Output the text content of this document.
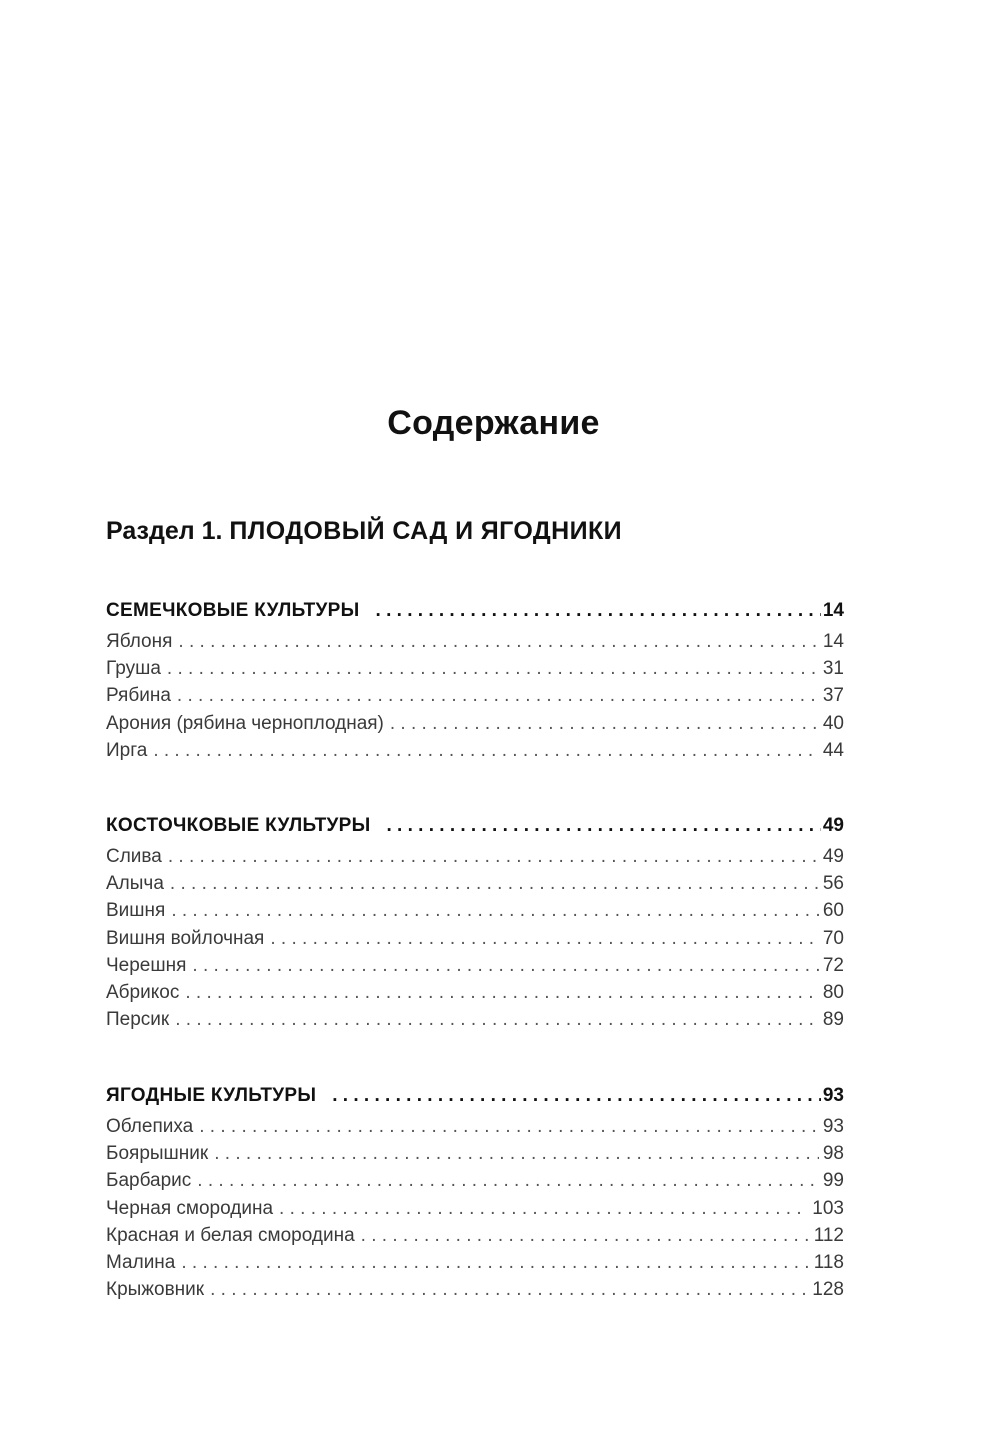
Содержание
Раздел 1. ПЛОДОВЫЙ САД И ЯГОДНИКИ
СЕМЕЧКОВЫЕ КУЛЬТУРЫ . . .	14
Яблоня . . .	14
Груша . . .	31
Рябина . . .	37
Арония (рябина черноплодная) . . .	40
Ирга . . .	44
КОСТОЧКОВЫЕ КУЛЬТУРЫ . . .	49
Слива . . .	49
Алыча . . .	56
Вишня . . .	60
Вишня войлочная . . .	70
Черешня . . .	72
Абрикос . . .	80
Персик . . .	89
ЯГОДНЫЕ КУЛЬТУРЫ . . .	93
Облепиха . . .	93
Боярышник . . .	98
Барбарис . . .	99
Черная смородина . . .	103
Красная и белая смородина . . .	112
Малина . . .	118
Крыжовник . . .	128
